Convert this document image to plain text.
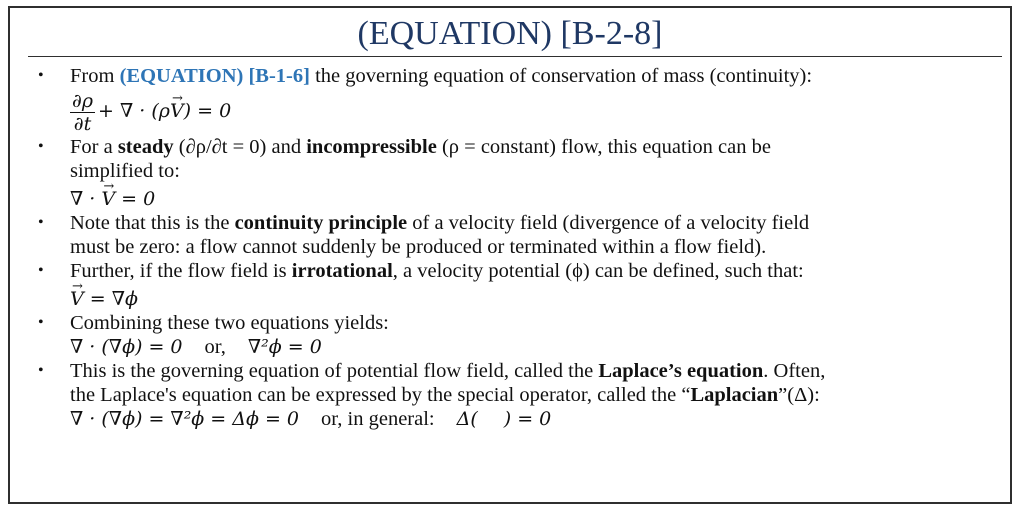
(EQUATION) [B-2-8]
• From (EQUATION) [B-1-6] the governing equation of conservation of mass (continuity):
$\frac{\partial\rho}{\partial t}$ + ∇ · (ρ→ V) = 0
• For a steady (∂ρ/∂t = 0) and incompressible (ρ = constant) flow, this equation can be
simplified to:
∇ · → V = 0
• Note that this is the continuity principle of a velocity field (divergence of a velocity field
must be zero: a flow cannot suddenly be produced or terminated within a flow field).
• Further, if the flow field is irrotational, a velocity potential (ϕ) can be defined, such that:
→ V = ∇ϕ
• Combining these two equations yields:
∇ · (∇ϕ) = 0 or, ∇²ϕ = 0
• This is the governing equation of potential flow field, called the Laplace’s equation. Often,
the Laplace's equation can be expressed by the special operator, called the “Laplacian”(Δ):
∇ · (∇ϕ) = ∇²ϕ = Δϕ = 0 or, in general: Δ( ) = 0
